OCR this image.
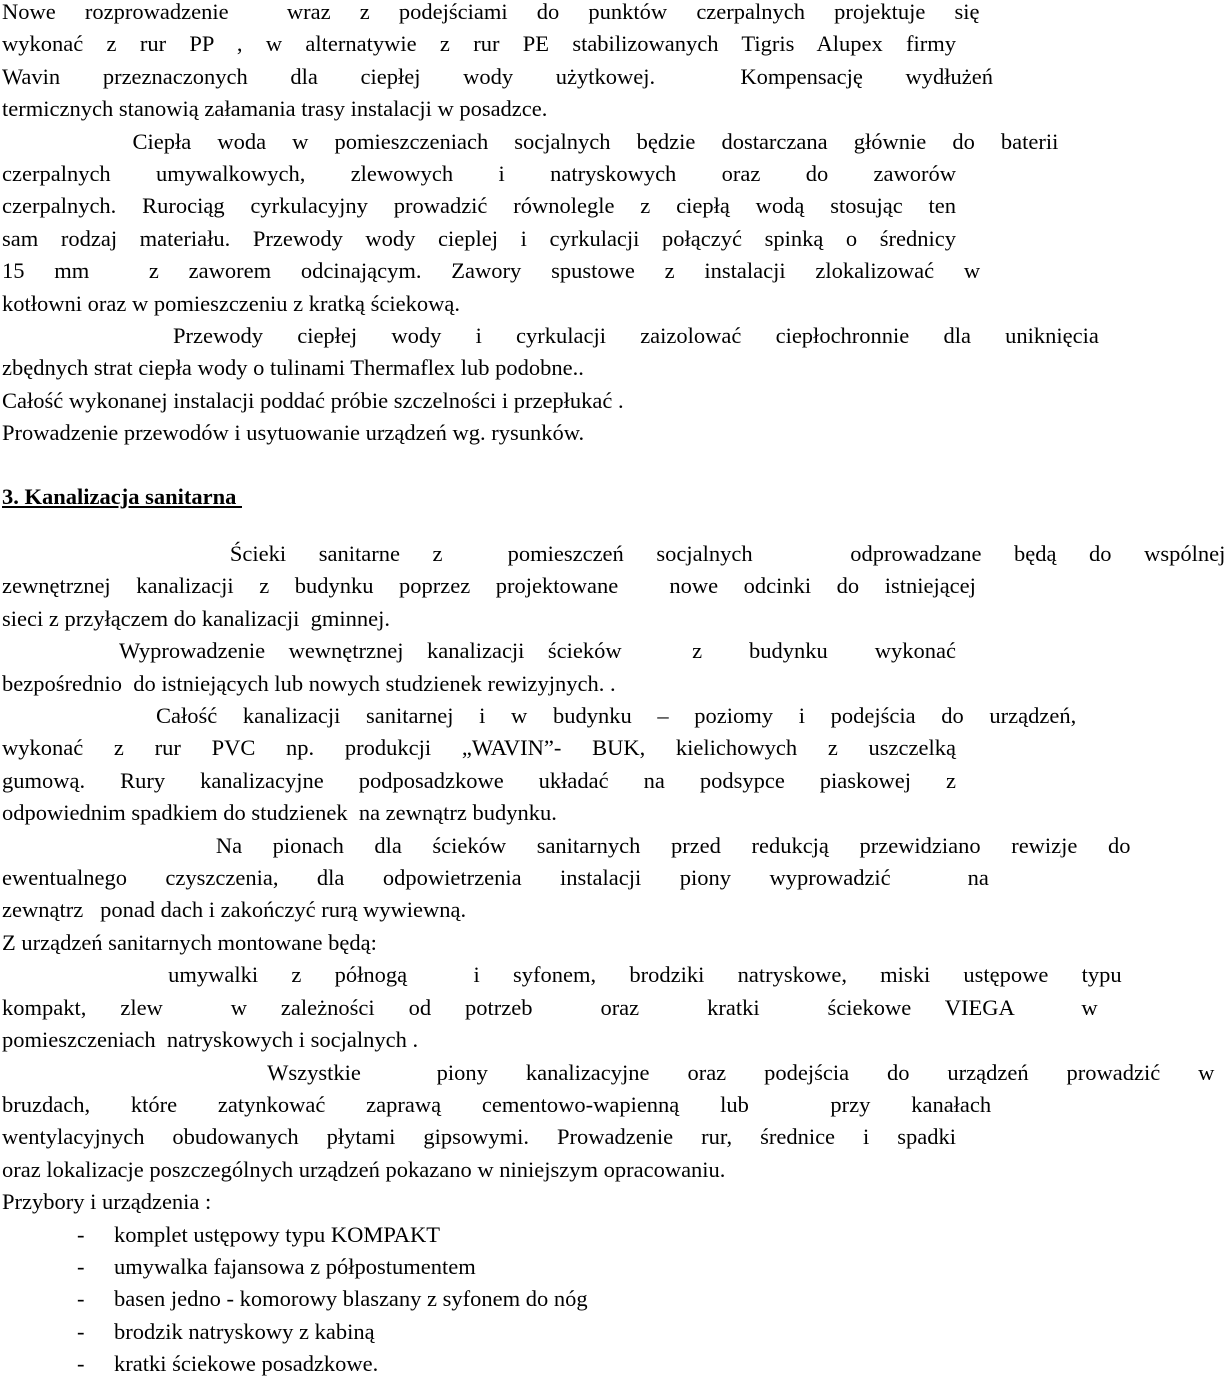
Nowe rozprowadzenie  wraz z podejściami do punktów czerpalnych projektuje się
wykonać z rur PP , w alternatywie z rur PE stabilizowanych Tigris Alupex firmy
Wavin przeznaczonych dla ciepłej wody użytkowej.  Kompensację wydłużeń
termicznych stanowią załamania trasy instalacji w posadzce.
Ciepła woda w pomieszczeniach socjalnych będzie dostarczana głównie do baterii
czerpalnych umywalkowych, zlewowych i natryskowych oraz do zaworów
czerpalnych. Rurociąg cyrkulacyjny prowadzić równolegle z ciepłą wodą stosując ten
sam rodzaj materiału. Przewody wody cieplej i cyrkulacji połączyć spinką o średnicy
15 mm  z zaworem odcinającym. Zawory spustowe z instalacji zlokalizować w
kotłowni oraz w pomieszczeniu z kratką ściekową.
Przewody ciepłej wody i cyrkulacji zaizolować ciepłochronnie dla uniknięcia
zbędnych strat ciepła wody o tulinami Thermaflex lub podobne..
Całość wykonanej instalacji poddać próbie szczelności i przepłukać .
Prowadzenie przewodów i usytuowanie urządzeń wg. rysunków.

3. Kanalizacja sanitarna

Ścieki sanitarne z  pomieszczeń socjalnych   odprowadzane będą do wspólnej
zewnętrznej kanalizacji z budynku poprzez projektowane  nowe odcinki do istniejącej
sieci z przyłączem do kanalizacji  gminnej.
Wyprowadzenie wewnętrznej kanalizacji ścieków   z  budynku  wykonać
bezpośrednio  do istniejących lub nowych studzienek rewizyjnych. .
Całość kanalizacji sanitarnej i w budynku – poziomy i podejścia do urządzeń,
wykonać z rur PVC np. produkcji „WAVIN”- BUK, kielichowych z uszczelką
gumową. Rury kanalizacyjne podposadzkowe układać na podsypce piaskowej z
odpowiednim spadkiem do studzienek  na zewnątrz budynku.
Na pionach dla ścieków sanitarnych przed redukcją przewidziano rewizje do
ewentualnego czyszczenia, dla odpowietrzenia instalacji piony wyprowadzić  na
zewnątrz   ponad dach i zakończyć rurą wywiewną.
Z urządzeń sanitarnych montowane będą:
umywalki z półnogą  i syfonem, brodziki natryskowe, miski ustępowe typu
kompakt, zlew  w zależności od potrzeb  oraz  kratki  ściekowe VIEGA  w
pomieszczeniach  natryskowych i socjalnych .
Wszystkie  piony kanalizacyjne oraz podejścia do urządzeń prowadzić w
bruzdach, które zatynkować zaprawą cementowo-wapienną lub  przy kanałach
wentylacyjnych obudowanych płytami gipsowymi. Prowadzenie rur, średnice i spadki
oraz lokalizacje poszczególnych urządzeń pokazano w niniejszym opracowaniu.
Przybory i urządzenia :

- komplet ustępowy typu KOMPAKT
- umywalka fajansowa z półpostumentem
- basen jedno - komorowy blaszany z syfonem do nóg
- brodzik natryskowy z kabiną
- kratki ściekowe posadzkowe.
